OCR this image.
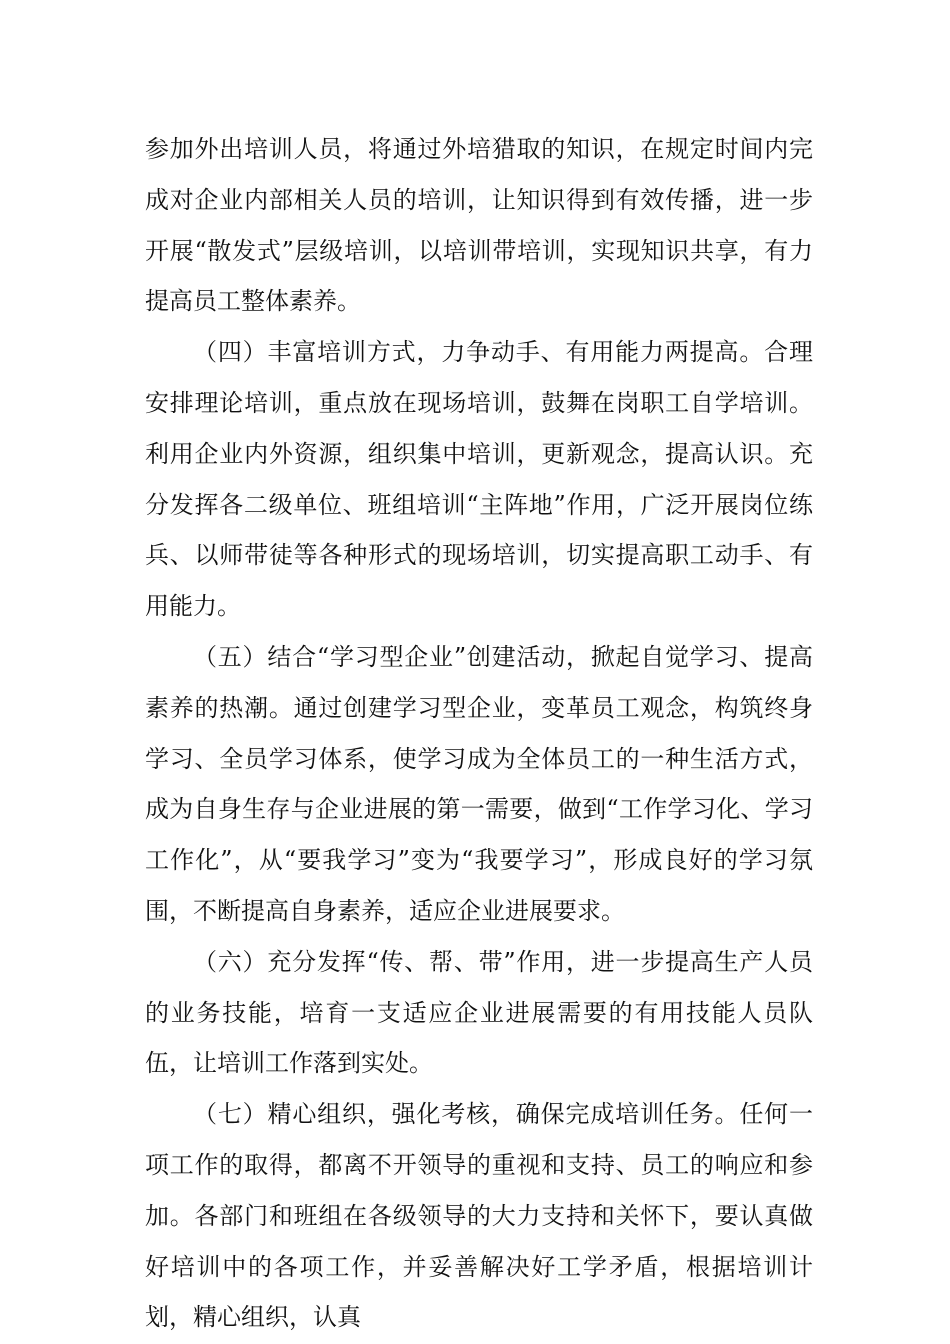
参加外出培训人员，将通过外培猎取的知识，在规定时间内完成对企业内部相关人员的培训，让知识得到有效传播，进一步开展“散发式”层级培训，以培训带培训，实现知识共享，有力提高员工整体素养。

（四）丰富培训方式，力争动手、有用能力两提高。合理安排理论培训，重点放在现场培训，鼓舞在岗职工自学培训。利用企业内外资源，组织集中培训，更新观念，提高认识。充分发挥各二级单位、班组培训“主阵地”作用，广泛开展岗位练兵、以师带徒等各种形式的现场培训，切实提高职工动手、有用能力。

（五）结合“学习型企业”创建活动，掀起自觉学习、提高素养的热潮。通过创建学习型企业，变革员工观念，构筑终身学习、全员学习体系，使学习成为全体员工的一种生活方式，成为自身生存与企业进展的第一需要，做到“工作学习化、学习工作化”，从“要我学习”变为“我要学习”，形成良好的学习氛围，不断提高自身素养，适应企业进展要求。

（六）充分发挥“传、帮、带”作用，进一步提高生产人员的业务技能，培育一支适应企业进展需要的有用技能人员队伍，让培训工作落到实处。

（七）精心组织，强化考核，确保完成培训任务。任何一项工作的取得，都离不开领导的重视和支持、员工的响应和参加。各部门和班组在各级领导的大力支持和关怀下，要认真做好培训中的各项工作，并妥善解决好工学矛盾，根据培训计划，精心组织，认真
